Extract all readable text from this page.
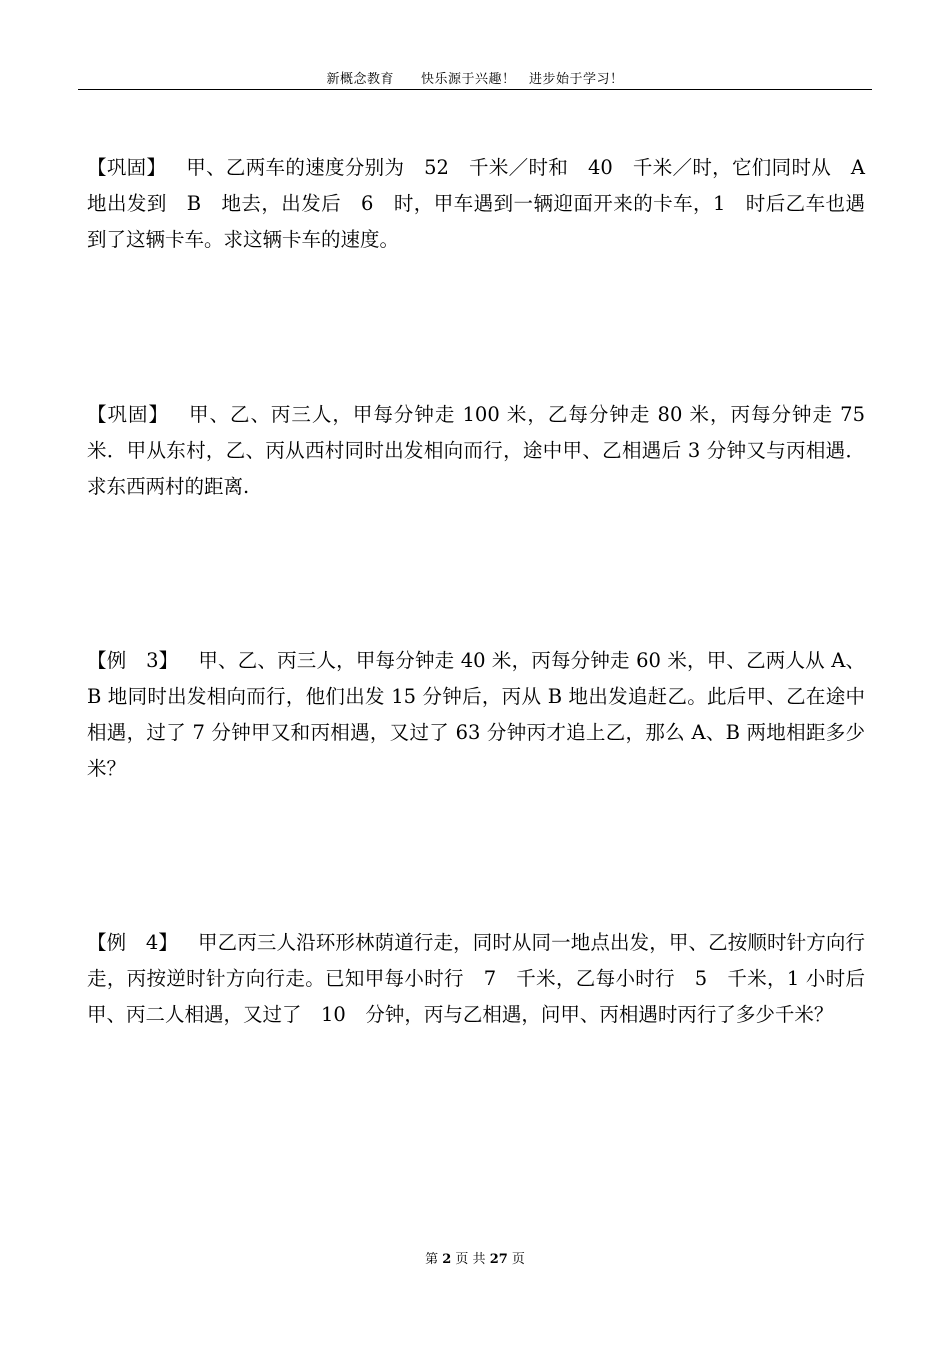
新概念教育　　快乐源于兴趣！　进步始于学习！
【巩固】 甲、乙两车的速度分别为　52　千米／时和　40　千米／时，它们同时从　A　地出发到　B　地去，出发后　6　时，甲车遇到一辆迎面开来的卡车，1　时后乙车也遇到了这辆卡车。求这辆卡车的速度。
【巩固】 甲、乙、丙三人，甲每分钟走 100 米，乙每分钟走 80 米，丙每分钟走 75 米．甲从东村，乙、丙从西村同时出发相向而行，途中甲、乙相遇后 3 分钟又与丙相遇．求东西两村的距离.
【例　3】 甲、乙、丙三人，甲每分钟走 40 米，丙每分钟走 60 米，甲、乙两人从 A、B 地同时出发相向而行，他们出发 15 分钟后，丙从 B 地出发追赶乙。此后甲、乙在途中相遇，过了 7 分钟甲又和丙相遇，又过了 63 分钟丙才追上乙，那么 A、B 两地相距多少米？
【例　4】 甲乙丙三人沿环形林荫道行走，同时从同一地点出发，甲、乙按顺时针方向行走，丙按逆时针方向行走。已知甲每小时行　7　千米，乙每小时行　5　千米，1 小时后甲、丙二人相遇，又过了　10　分钟，丙与乙相遇，问甲、丙相遇时丙行了多少千米？
第 2 页 共 27 页
